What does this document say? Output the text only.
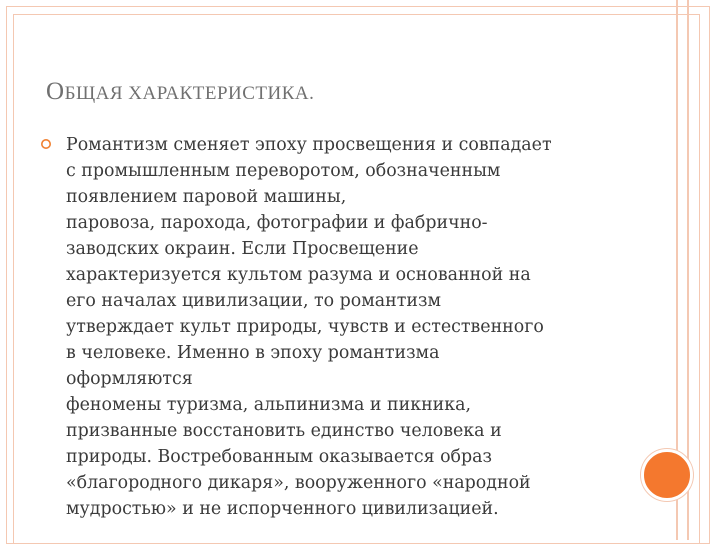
ОБЩАЯ ХАРАКТЕРИСТИКА.

Романтизм сменяет эпоху просвещения и совпадает
с промышленным переворотом, обозначенным
появлением паровой машины,
паровоза, парохода, фотографии и фабрично-
заводских окраин. Если Просвещение
характеризуется культом разума и основанной на
его началах цивилизации, то романтизм
утверждает культ природы, чувств и естественного
в человеке. Именно в эпоху романтизма
оформляются
феномены туризма, альпинизма и пикника,
призванные восстановить единство человека и
природы. Востребованным оказывается образ
«благородного дикаря», вооруженного «народной
мудростью» и не испорченного цивилизацией.
